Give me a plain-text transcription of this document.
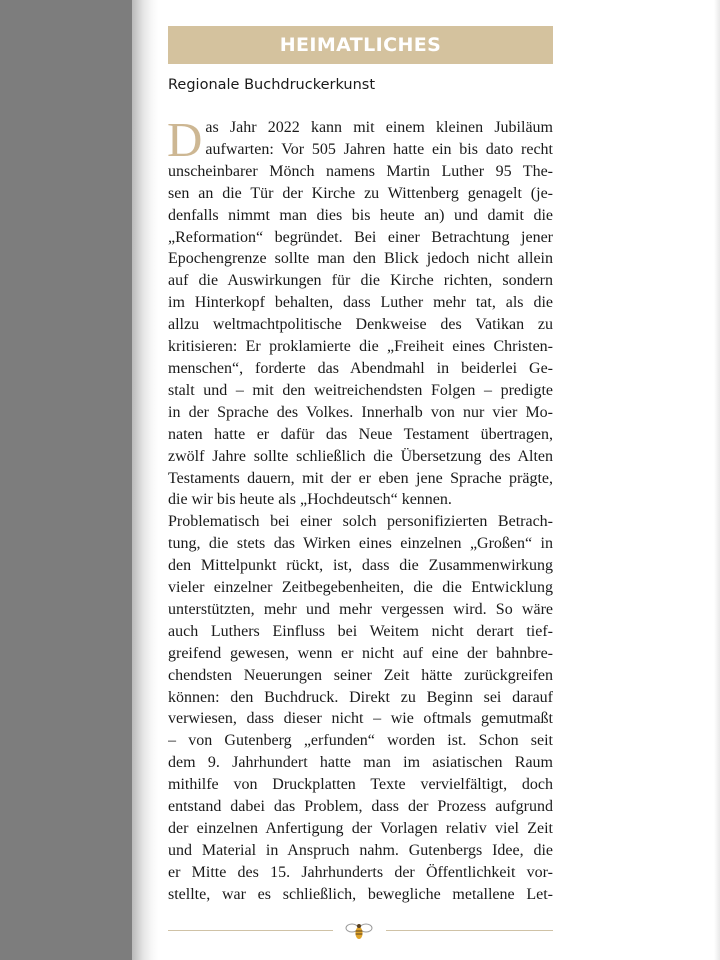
HEIMATLICHES
Regionale Buchdruckerkunst
D as Jahr 2022 kann mit einem kleinen Jubiläum
aufwarten: Vor 505 Jahren hatte ein bis dato recht
unscheinbarer Mönch namens Martin Luther 95 The-
sen an die Tür der Kirche zu Wittenberg genagelt (je-
denfalls nimmt man dies bis heute an) und damit die
„Reformation“ begründet. Bei einer Betrachtung jener
Epochengrenze sollte man den Blick jedoch nicht allein
auf die Auswirkungen für die Kirche richten, sondern
im Hinterkopf behalten, dass Luther mehr tat, als die
allzu weltmachtpolitische Denkweise des Vatikan zu
kritisieren: Er proklamierte die „Freiheit eines Christen-
menschen“, forderte das Abendmahl in beiderlei Ge-
stalt und – mit den weitreichendsten Folgen – predigte
in der Sprache des Volkes. Innerhalb von nur vier Mo-
naten hatte er dafür das Neue Testament übertragen,
zwölf Jahre sollte schließlich die Übersetzung des Alten
Testaments dauern, mit der er eben jene Sprache prägte,
die wir bis heute als „Hochdeutsch“ kennen.
Problematisch bei einer solch personifizierten Betrach-
tung, die stets das Wirken eines einzelnen „Großen“ in
den Mittelpunkt rückt, ist, dass die Zusammenwirkung
vieler einzelner Zeitbegebenheiten, die die Entwicklung
unterstützten, mehr und mehr vergessen wird. So wäre
auch Luthers Einfluss bei Weitem nicht derart tief-
greifend gewesen, wenn er nicht auf eine der bahnbre-
chendsten Neuerungen seiner Zeit hätte zurückgreifen
können: den Buchdruck. Direkt zu Beginn sei darauf
verwiesen, dass dieser nicht – wie oftmals gemutmaßt
– von Gutenberg „erfunden“ worden ist. Schon seit
dem 9. Jahrhundert hatte man im asiatischen Raum
mithilfe von Druckplatten Texte vervielfältigt, doch
entstand dabei das Problem, dass der Prozess aufgrund
der einzelnen Anfertigung der Vorlagen relativ viel Zeit
und Material in Anspruch nahm. Gutenbergs Idee, die
er Mitte des 15. Jahrhunderts der Öffentlichkeit vor-
stellte, war es schließlich, bewegliche metallene Let-
